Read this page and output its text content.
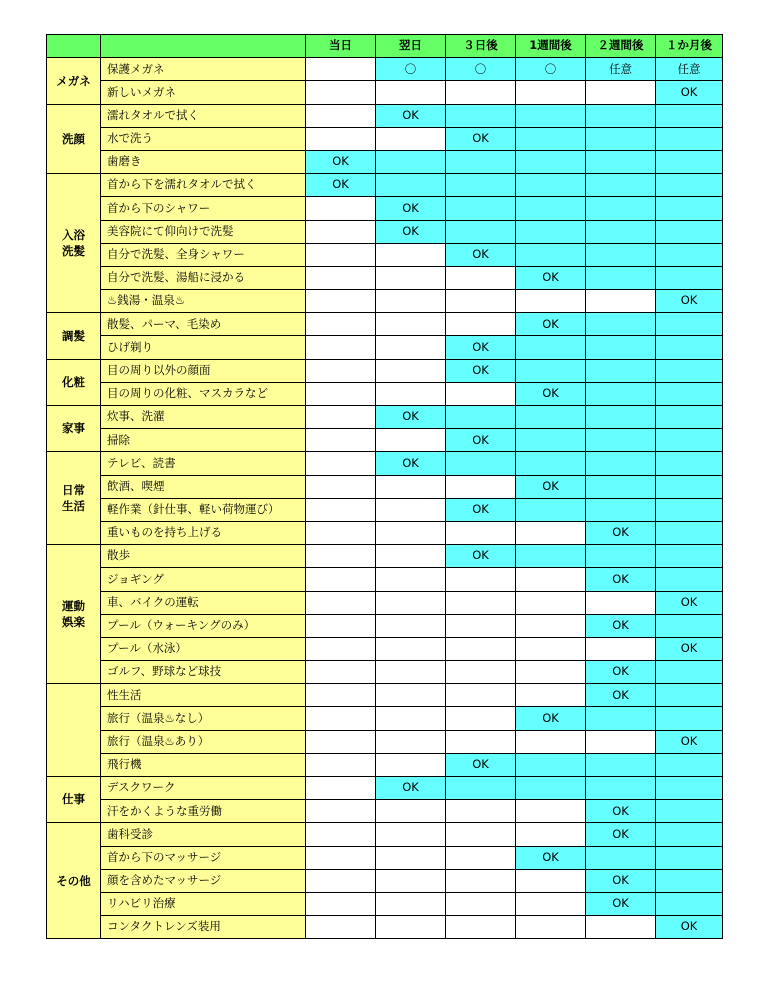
		当日	翌日	３日後	1週間後	２週間後	１か月後
メガネ	保護メガネ		〇	〇	〇	任意	任意
	新しいメガネ						OK
洗顔	濡れタオルで拭く		OK				
	水で洗う			OK			
	歯磨き	OK					
入浴
洗髪	首から下を濡れタオルで拭く	OK					
	首から下のシャワー		OK				
	美容院にて仰向けで洗髪		OK				
	自分で洗髪、全身シャワー			OK			
	自分で洗髪、湯船に浸かる				OK		
	♨銭湯・温泉♨						OK
調髪	散髪、パーマ、毛染め				OK		
	ひげ剃り			OK			
化粧	目の周り以外の顔面			OK			
	目の周りの化粧、マスカラなど				OK		
家事	炊事、洗濯		OK				
	掃除			OK			
日常
生活	テレビ、読書		OK				
	飲酒、喫煙				OK		
	軽作業（針仕事、軽い荷物運び）			OK			
	重いものを持ち上げる					OK	
運動
娯楽	散歩			OK			
	ジョギング					OK	
	車、バイクの運転						OK
	プール（ウォーキングのみ）					OK	
	プール（水泳）						OK
	ゴルフ、野球など球技					OK	
	性生活					OK	
	旅行（温泉♨なし）				OK		
	旅行（温泉♨あり）						OK
	飛行機			OK			
仕事	デスクワーク		OK				
	汗をかくような重労働					OK	
その他	歯科受診					OK	
	首から下のマッサージ				OK		
	顔を含めたマッサージ					OK	
	リハビリ治療					OK	
	コンタクトレンズ装用						OK
